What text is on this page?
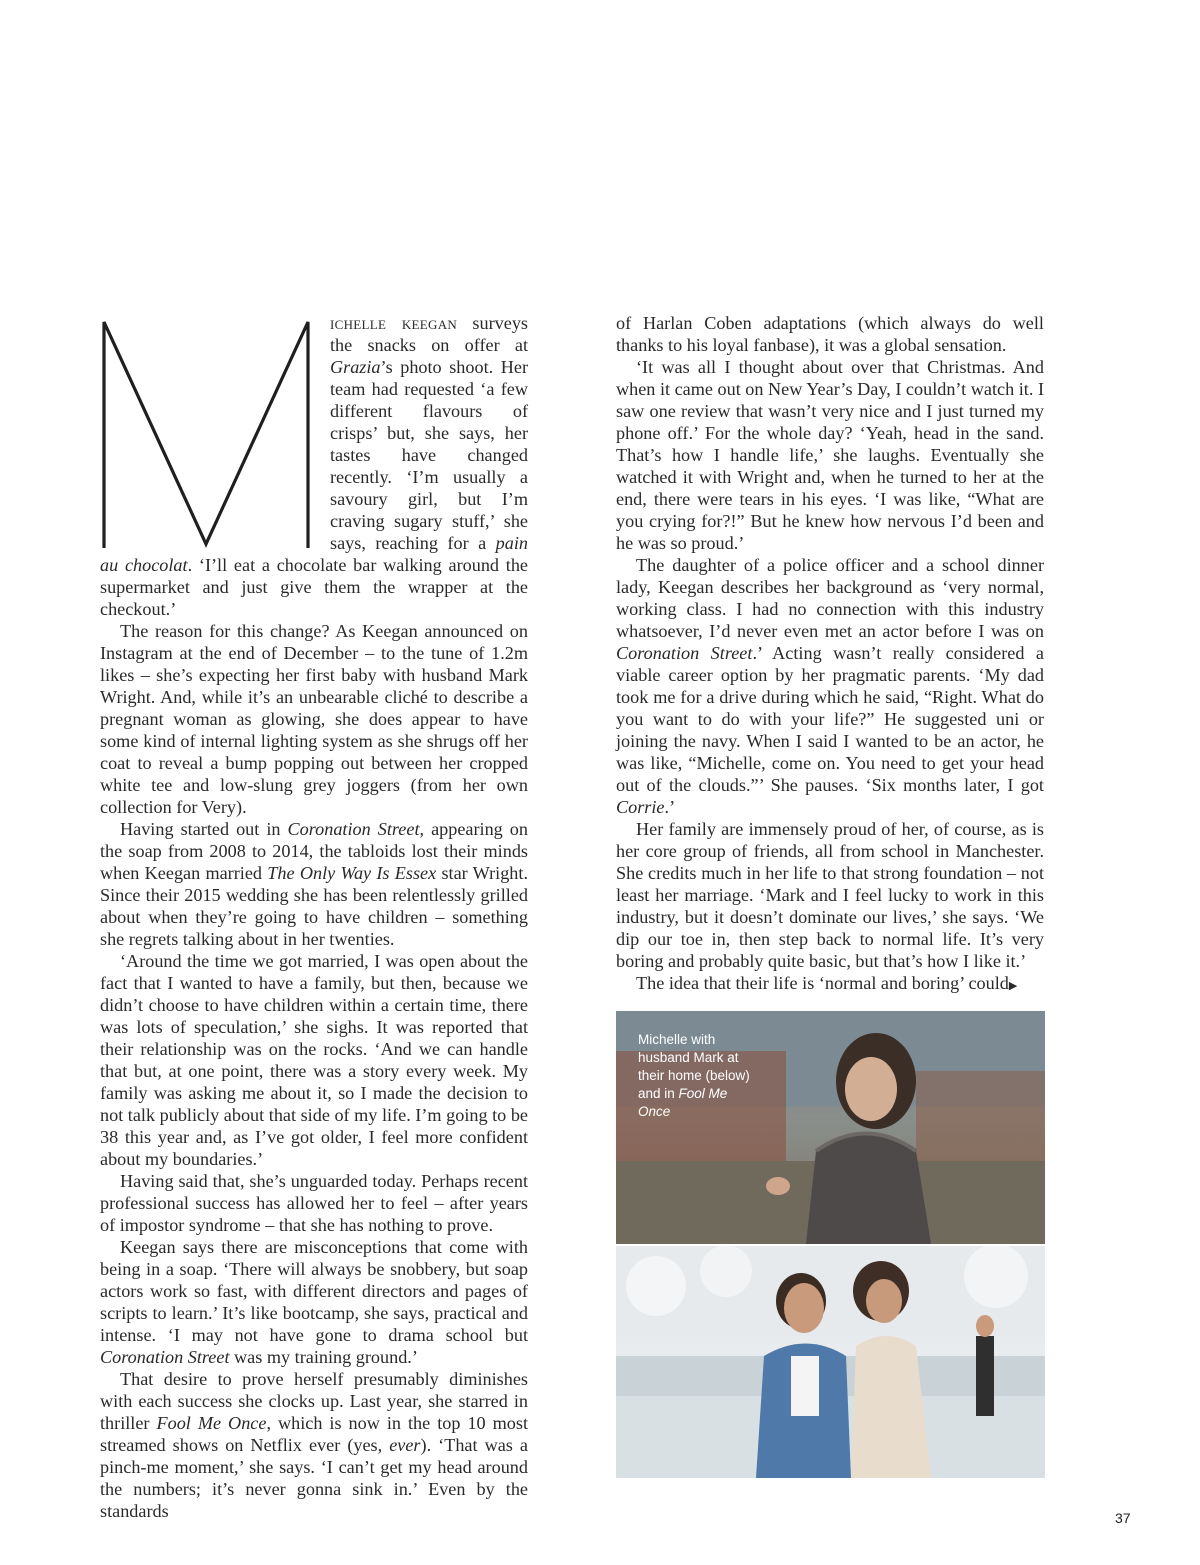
M	ichelle keegan surveys the snacks on offer at Grazia’s photo shoot. Her team had requested ‘a few different flavours of crisps’ but, she says, her tastes have changed recently. ‘I’m usually a savoury girl, but I’m craving sugary stuff,’ she says, reaching for a pain au chocolat. ‘I’ll eat a chocolate bar walking around the supermarket and just give them the wrapper at the checkout.’

The reason for this change? As Keegan announced on Instagram at the end of December – to the tune of 1.2m likes – she’s expecting her first baby with husband Mark Wright. And, while it’s an unbearable cliché to describe a pregnant woman as glowing, she does appear to have some kind of internal lighting system as she shrugs off her coat to reveal a bump popping out between her cropped white tee and low-slung grey joggers (from her own collection for Very).

Having started out in Coronation Street, appearing on the soap from 2008 to 2014, the tabloids lost their minds when Keegan married The Only Way Is Essex star Wright. Since their 2015 wedding she has been relentlessly grilled about when they’re going to have children – something she regrets talking about in her twenties.

‘Around the time we got married, I was open about the fact that I wanted to have a family, but then, because we didn’t choose to have children within a certain time, there was lots of speculation,’ she sighs. It was reported that their relationship was on the rocks. ‘And we can handle that but, at one point, there was a story every week. My family was asking me about it, so I made the decision to not talk publicly about that side of my life. I’m going to be 38 this year and, as I’ve got older, I feel more confident about my boundaries.’

Having said that, she’s unguarded today. Perhaps recent professional success has allowed her to feel – after years of impostor syndrome – that she has nothing to prove.

Keegan says there are misconceptions that come with being in a soap. ‘There will always be snobbery, but soap actors work so fast, with different directors and pages of scripts to learn.’ It’s like bootcamp, she says, practical and intense. ‘I may not have gone to drama school but Coronation Street was my training ground.’

That desire to prove herself presumably diminishes with each success she clocks up. Last year, she starred in thriller Fool Me Once, which is now in the top 10 most streamed shows on Netflix ever (yes, ever). ‘That was a pinch-me moment,’ she says. ‘I can’t get my head around the numbers; it’s never gonna sink in.’ Even by the standards

of Harlan Coben adaptations (which always do well thanks to his loyal fanbase), it was a global sensation.

‘It was all I thought about over that Christmas. And when it came out on New Year’s Day, I couldn’t watch it. I saw one review that wasn’t very nice and I just turned my phone off.’ For the whole day? ‘Yeah, head in the sand. That’s how I handle life,’ she laughs. Eventually she watched it with Wright and, when he turned to her at the end, there were tears in his eyes. ‘I was like, “What are you crying for?!” But he knew how nervous I’d been and he was so proud.’

The daughter of a police officer and a school dinner lady, Keegan describes her background as ‘very normal, working class. I had no connection with this industry whatsoever, I’d never even met an actor before I was on Coronation Street.’ Acting wasn’t really considered a viable career option by her pragmatic parents. ‘My dad took me for a drive during which he said, “Right. What do you want to do with your life?” He suggested uni or joining the navy. When I said I wanted to be an actor, he was like, “Michelle, come on. You need to get your head out of the clouds.”’ She pauses. ‘Six months later, I got Corrie.’

Her family are immensely proud of her, of course, as is her core group of friends, all from school in Manchester. She credits much in her life to that strong foundation – not least her marriage. ‘Mark and I feel lucky to work in this industry, but it doesn’t dominate our lives,’ she says. ‘We dip our toe in, then step back to normal life. It’s very boring and probably quite basic, but that’s how I like it.’

The idea that their life is ‘normal and boring’ could▶

Michelle with husband Mark at their home (below) and in Fool Me Once
37
